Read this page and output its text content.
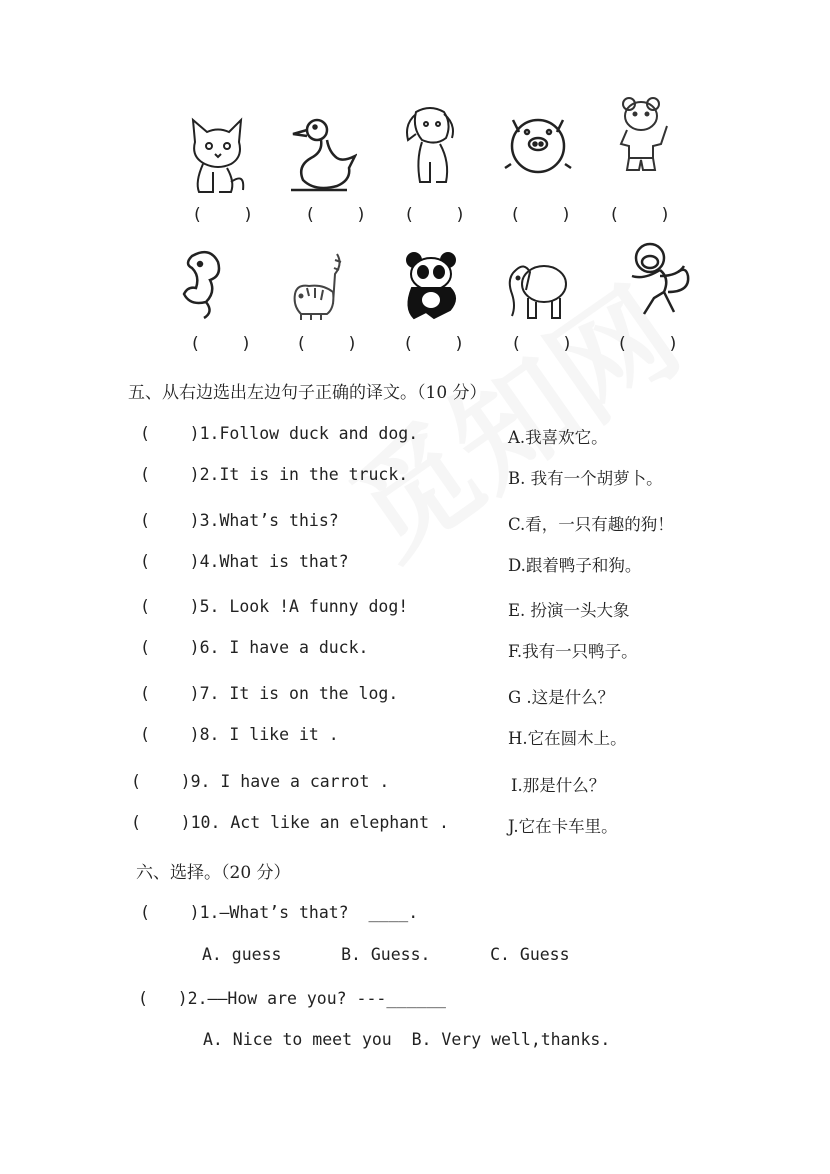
(    )	(    ) (    )	(    ) (    )
(    )	(    )	(    )	(    )	(    )
五、从右边选出左边句子正确的译文。（10 分）
(    )1.Follow duck and dog.	A.我喜欢它。
(    )2.It is in the truck.	B. 我有一个胡萝卜。
(    )3.What’s this?	C.看，一只有趣的狗！
(    )4.What is that?	D.跟着鸭子和狗。
(    )5. Look !A funny dog!	E. 扮演一头大象
(    )6. I have a duck.	F.我有一只鸭子。
(    )7. It is on the log.	G .这是什么？
(    )8. I like it .	H.它在圆木上。
(    )9. I have a carrot .	I.那是什么？
(    )10. Act like an elephant .	J.它在卡车里。
六、选择。（20 分）
(    )1.—What’s that?  ____.
A. guess      B. Guess.      C. Guess
(   )2.——How are you? ---______
A. Nice to meet you  B. Very well,thanks.
